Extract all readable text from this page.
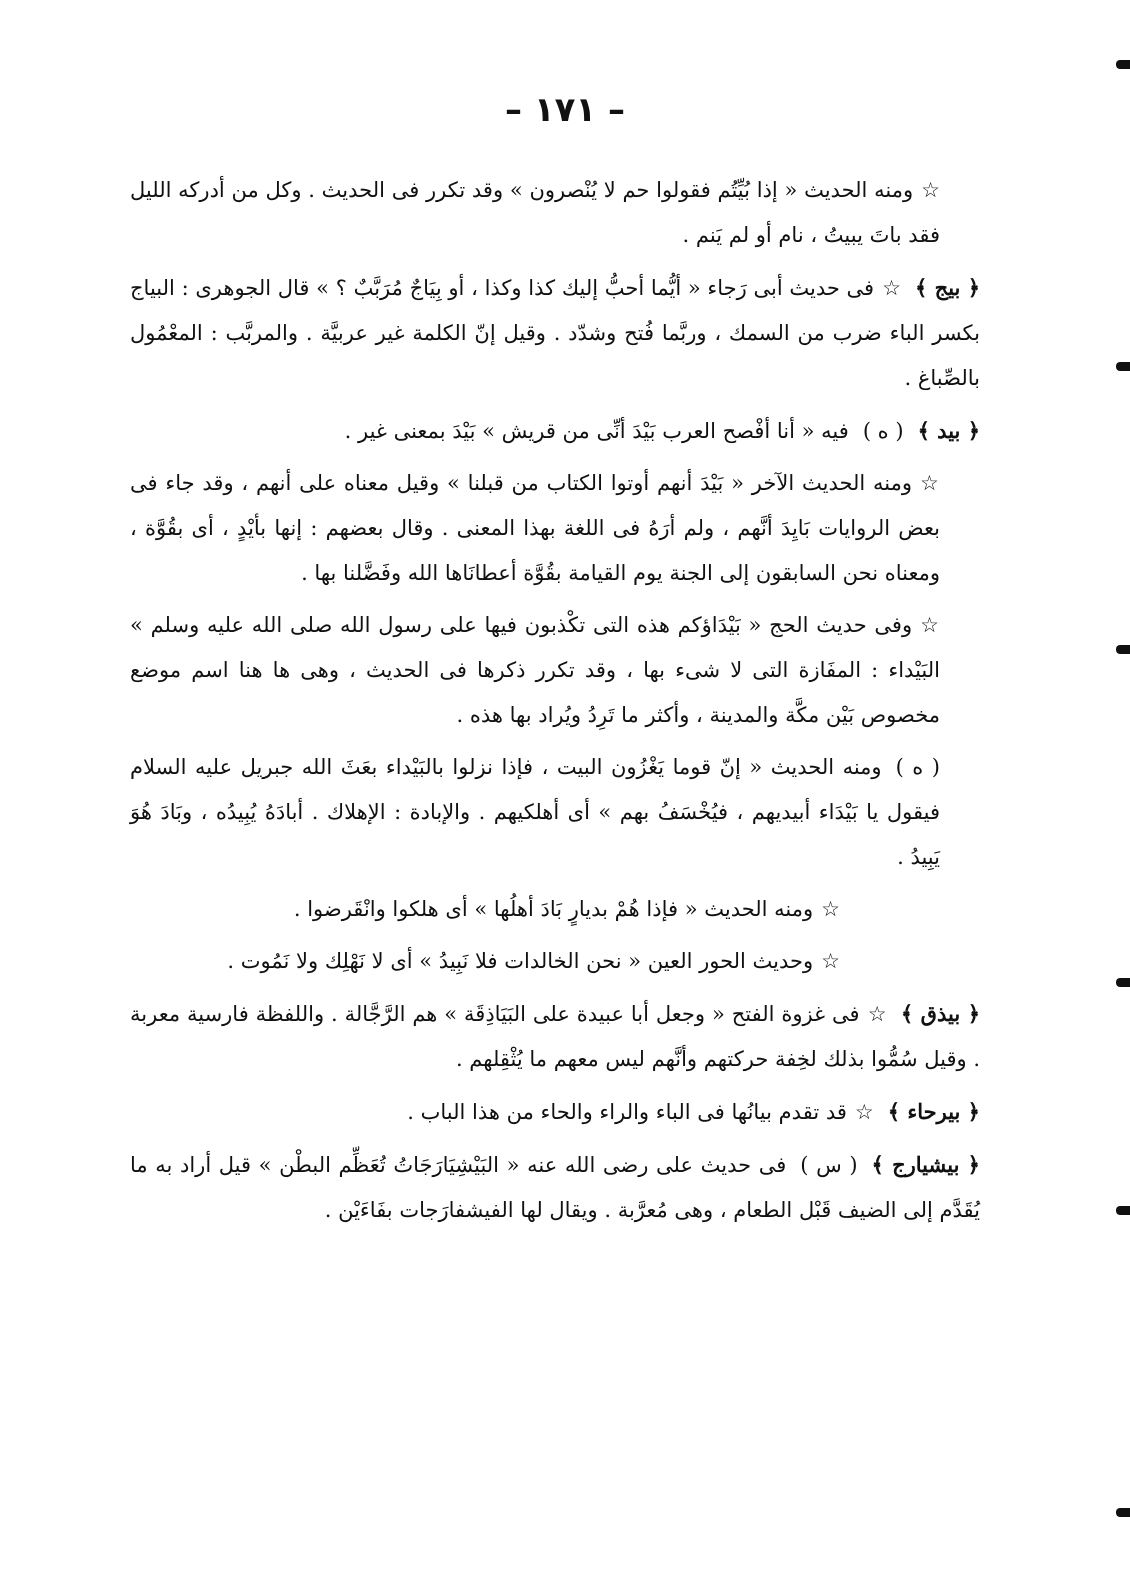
– ١٧١ –

☆ومنه الحديث « إذا بُيِّتُم فقولوا حم لا يُنْصرون » وقد تكرر فى الحديث . وكل من أدركه الليل فقد باتَ يبيتُ ، نام أو لم يَنم .

﴿ بيج ﴾☆فى حديث أبى رَجاء « أيُّما أحبُّ إليك كذا وكذا ، أو بِيَاجٌ مُرَبَّبٌ ؟ » قال الجوهرى : البياج بكسر الباء ضرب من السمك ، وربَّما فُتح وشدّد . وقيل إنّ الكلمة غير عربيَّة . والمربَّب : المعْمُول بالصِّباغ .

﴿ بيد ﴾( ه )فيه « أنا أفْصح العرب بَيْدَ أنِّى من قريش » بَيْدَ بمعنى غير .

☆ومنه الحديث الآخر « بَيْدَ أنهم أوتوا الكتاب من قبلنا » وقيل معناه على أنهم ، وقد جاء فى بعض الروايات بَايِدَ أنَّهم ، ولم أرَهُ فى اللغة بهذا المعنى . وقال بعضهم : إنها بأيْدٍ ، أى بقُوَّة ، ومعناه نحن السابقون إلى الجنة يوم القيامة بقُوَّة أعطانَاها الله وفَضَّلنا بها .

☆وفى حديث الحج « بَيْدَاؤكم هذه التى تكْذبون فيها على رسول الله صلى الله عليه وسلم » البَيْداء : المفَازة التى لا شىء بها ، وقد تكرر ذكرها فى الحديث ، وهى ها هنا اسم موضع مخصوص بَيْن مكَّة والمدينة ، وأكثر ما تَرِدُ ويُراد بها هذه .

( ه )ومنه الحديث « إنّ قوما يَغْزُون البيت ، فإذا نزلوا بالبَيْداء بعَثَ الله جبريل عليه السلام فيقول يا بَيْدَاء أبيديهم ، فيُخْسَفُ بهم » أى أهلكيهم . والإبادة : الإهلاك . أبادَهُ يُبِيدُه ، وبَادَ هُوَ يَبِيدُ .

☆ومنه الحديث « فإذا هُمْ بديارٍ بَادَ أهلُها » أى هلكوا وانْقَرضوا .

☆وحديث الحور العين « نحن الخالدات فلا نَبِيدُ » أى لا نَهْلِك ولا نَمُوت .

﴿ بيذق ﴾☆فى غزوة الفتح « وجعل أبا عبيدة على البَيَاذِقَة » هم الرَّجَّالة . واللفظة فارسية معربة . وقيل سُمُّوا بذلك لخِفة حركتهم وأنَّهم ليس معهم ما يُثْقِلهم .

﴿ بيرحاء ﴾☆قد تقدم بيانُها فى الباء والراء والحاء من هذا الباب .

﴿ بيشيارج ﴾( س )فى حديث على رضى الله عنه « البَيْشِيَارَجَاتُ تُعَظِّم البطْن » قيل أراد به ما يُقَدَّم إلى الضيف قَبْل الطعام ، وهى مُعرَّبة . ويقال لها الفيشفارَجات بفَاءَيْن .
